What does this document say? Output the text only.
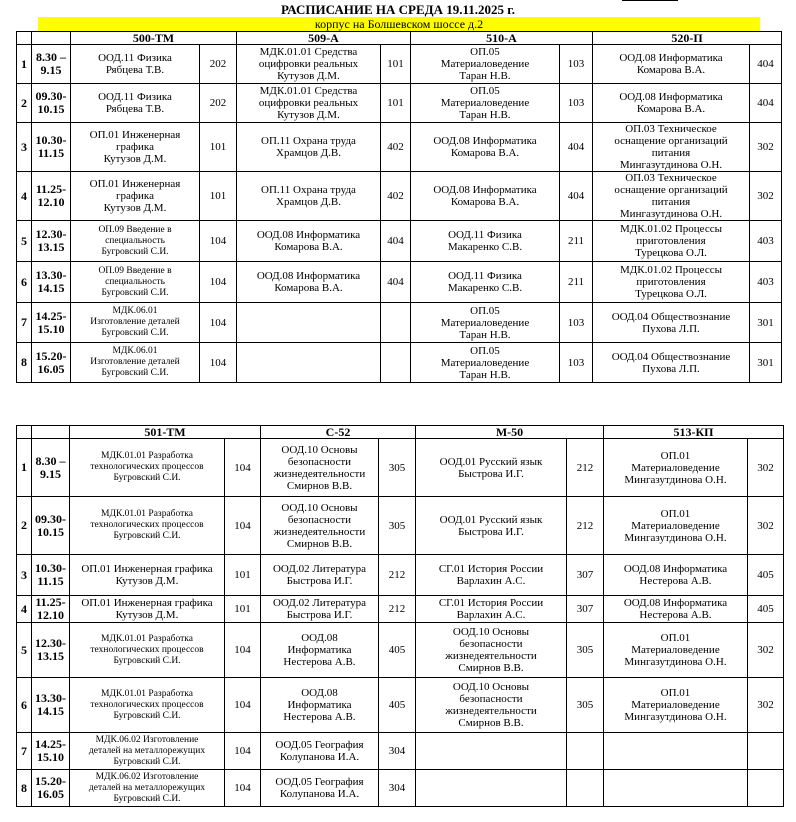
РАСПИСАНИЕ НА СРЕДА 19.11.2025 г.
корпус на Болшевском шоссе д.2
		500-ТМ		509-А		510-А		520-П	
1	8.30 –
9.15	ООД.11 Физика
Рябцева Т.В.	202	МДК.01.01 Средства
оцифровки реальных
Кутузов Д.М.	101	ОП.05
Материаловедение
Таран Н.В.	103	ООД.08 Информатика
Комарова В.А.	404
2	09.30-
10.15	ООД.11 Физика
Рябцева Т.В.	202	МДК.01.01 Средства
оцифровки реальных
Кутузов Д.М.	101	ОП.05
Материаловедение
Таран Н.В.	103	ООД.08 Информатика
Комарова В.А.	404
3	10.30-
11.15	ОП.01 Инженерная
графика
Кутузов Д.М.	101	ОП.11 Охрана труда
Храмцов Д.В.	402	ООД.08 Информатика
Комарова В.А.	404	ОП.03 Техническое
оснащение организаций
питания
Мингазутдинова О.Н.	302
4	11.25-
12.10	ОП.01 Инженерная
графика
Кутузов Д.М.	101	ОП.11 Охрана труда
Храмцов Д.В.	402	ООД.08 Информатика
Комарова В.А.	404	ОП.03 Техническое
оснащение организаций
питания
Мингазутдинова О.Н.	302
5	12.30-
13.15	ОП.09 Введение в
специальность
Бугровский С.И.	104	ООД.08 Информатика
Комарова В.А.	404	ООД.11 Физика
Макаренко С.В.	211	МДК.01.02 Процессы
приготовления
Турецкова О.Л.	403
6	13.30-
14.15	ОП.09 Введение в
специальность
Бугровский С.И.	104	ООД.08 Информатика
Комарова В.А.	404	ООД.11 Физика
Макаренко С.В.	211	МДК.01.02 Процессы
приготовления
Турецкова О.Л.	403
7	14.25-
15.10	МДК.06.01
Изготовление деталей
Бугровский С.И.	104			ОП.05
Материаловедение
Таран Н.В.	103	ООД.04 Обществознание
Пухова Л.П.	301
8	15.20-
16.05	МДК.06.01
Изготовление деталей
Бугровский С.И.	104			ОП.05
Материаловедение
Таран Н.В.	103	ООД.04 Обществознание
Пухова Л.П.	301
		501-ТМ		С-52		М-50		513-КП	
1	8.30 –
9.15	МДК.01.01 Разработка
технологических процессов
Бугровский С.И.	104	ООД.10 Основы
безопасности
жизнедеятельности
Смирнов В.В.	305	ООД.01 Русский язык
Быстрова И.Г.	212	ОП.01
Материаловедение
Мингазутдинова О.Н.	302
2	09.30-
10.15	МДК.01.01 Разработка
технологических процессов
Бугровский С.И.	104	ООД.10 Основы
безопасности
жизнедеятельности
Смирнов В.В.	305	ООД.01 Русский язык
Быстрова И.Г.	212	ОП.01
Материаловедение
Мингазутдинова О.Н.	302
3	10.30-
11.15	ОП.01 Инженерная графика
Кутузов Д.М.	101	ООД.02 Литература
Быстрова И.Г.	212	СГ.01 История России
Варлахин А.С.	307	ООД.08 Информатика
Нестерова А.В.	405
4	11.25-
12.10	ОП.01 Инженерная графика
Кутузов Д.М.	101	ООД.02 Литература
Быстрова И.Г.	212	СГ.01 История России
Варлахин А.С.	307	ООД.08 Информатика
Нестерова А.В.	405
5	12.30-
13.15	МДК.01.01 Разработка
технологических процессов
Бугровский С.И.	104	ООД.08
Информатика
Нестерова А.В.	405	ООД.10 Основы
безопасности
жизнедеятельности
Смирнов В.В.	305	ОП.01
Материаловедение
Мингазутдинова О.Н.	302
6	13.30-
14.15	МДК.01.01 Разработка
технологических процессов
Бугровский С.И.	104	ООД.08
Информатика
Нестерова А.В.	405	ООД.10 Основы
безопасности
жизнедеятельности
Смирнов В.В.	305	ОП.01
Материаловедение
Мингазутдинова О.Н.	302
7	14.25-
15.10	МДК.06.02 Изготовление
деталей на металлорежущих
Бугровский С.И.	104	ООД.05 География
Колупанова И.А.	304				
8	15.20-
16.05	МДК.06.02 Изготовление
деталей на металлорежущих
Бугровский С.И.	104	ООД.05 География
Колупанова И.А.	304				
